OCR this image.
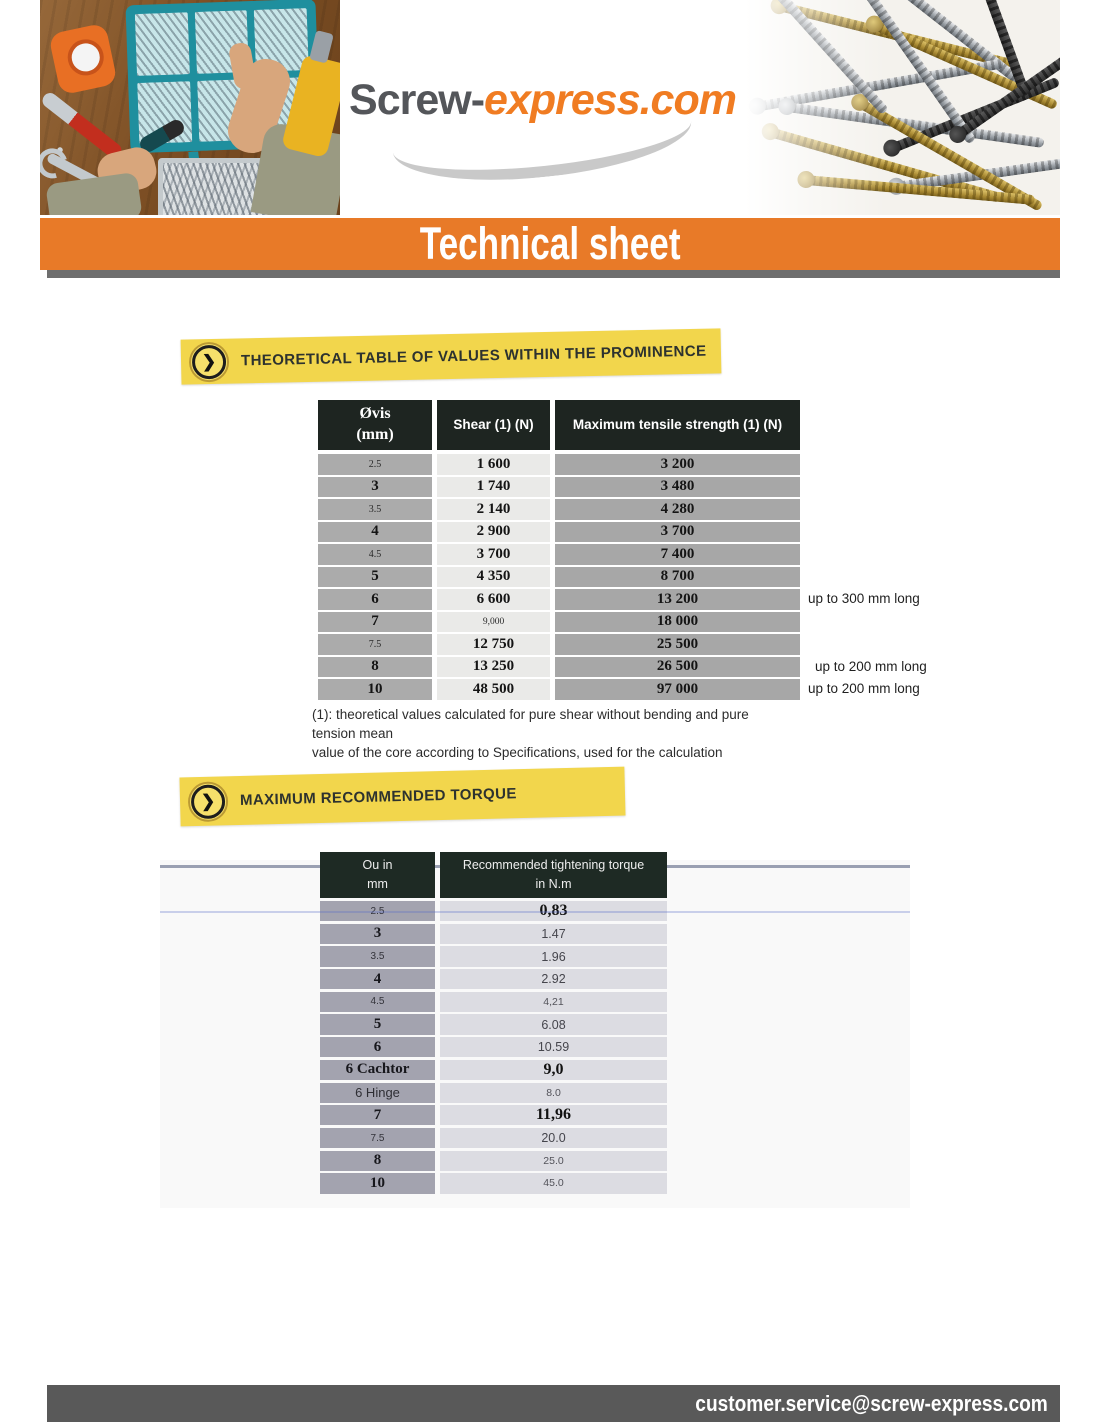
Screw-express.com
Technical sheet
❯	THEORETICAL TABLE OF VALUES WITHIN THE PROMINENCE
Øvis
(mm)
Shear (1) (N)	Maximum tensile strength (1) (N)
2.5	1 600	3 200
3	1 740	3 480
3.5	2 140	4 280
4	2 900	3 700
4.5	3 700	7 400
5	4 350	8 700
6	6 600	13 200
7	9,000	18 000
7.5	12 750	25 500
8	13 250	26 500
10	48 500	97 000
up to 300 mm long
up to 200 mm long
up to 200 mm long
(1): theoretical values calculated for pure shear without bending and pure tension mean
value of the core according to Specifications, used for the calculation
❯	MAXIMUM RECOMMENDED TORQUE
Ou in
mm
Recommended tightening torque
in N.m
2.5	0,83
3	1.47
3.5	1.96
4	2.92
4.5	4,21
5	6.08
6	10.59
6 Cachtor	9,0
6 Hinge	8.0
7	11,96
7.5	20.0
8	25.0
10	45.0
customer.service@screw-express.com
